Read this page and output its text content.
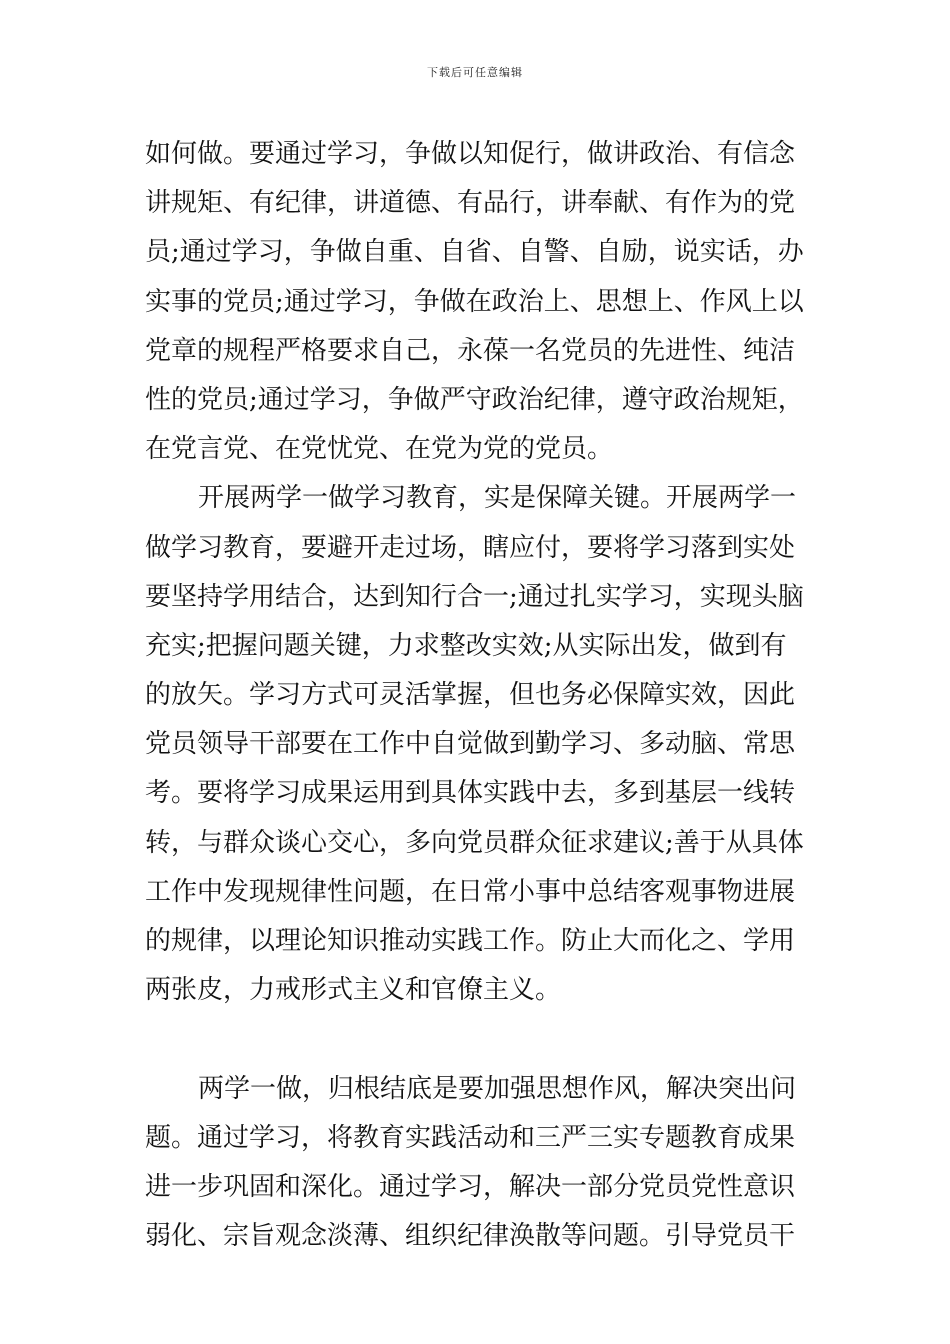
下载后可任意编辑
如何做。要通过学习，争做以知促行，做讲政治、有信念
讲规矩、有纪律，讲道德、有品行，讲奉献、有作为的党
员;通过学习，争做自重、自省、自警、自励，说实话，办
实事的党员;通过学习，争做在政治上、思想上、作风上以
党章的规程严格要求自己，永葆一名党员的先进性、纯洁
性的党员;通过学习，争做严守政治纪律，遵守政治规矩，
在党言党、在党忧党、在党为党的党员。
开展两学一做学习教育，实是保障关键。开展两学一
做学习教育，要避开走过场，瞎应付，要将学习落到实处
要坚持学用结合，达到知行合一;通过扎实学习，实现头脑
充实;把握问题关键，力求整改实效;从实际出发，做到有
的放矢。学习方式可灵活掌握，但也务必保障实效，因此
党员领导干部要在工作中自觉做到勤学习、多动脑、常思
考。要将学习成果运用到具体实践中去，多到基层一线转
转，与群众谈心交心，多向党员群众征求建议;善于从具体
工作中发现规律性问题，在日常小事中总结客观事物进展
的规律，以理论知识推动实践工作。防止大而化之、学用
两张皮，力戒形式主义和官僚主义。
两学一做，归根结底是要加强思想作风，解决突出问
题。通过学习，将教育实践活动和三严三实专题教育成果
进一步巩固和深化。通过学习，解决一部分党员党性意识
弱化、宗旨观念淡薄、组织纪律涣散等问题。引导党员干
